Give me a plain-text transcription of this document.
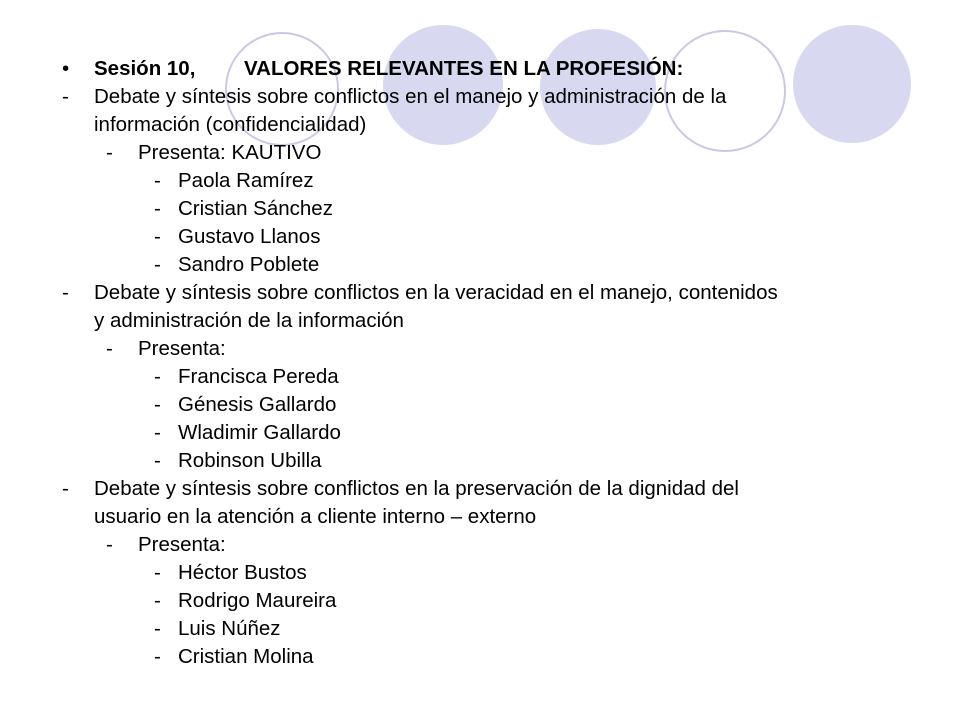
• Sesión 10, VALORES RELEVANTES EN LA PROFESIÓN:
- Debate y síntesis sobre conflictos en el manejo y administración de la
información (confidencialidad)
- Presenta: KAUTIVO
- Paola Ramírez
- Cristian Sánchez
- Gustavo Llanos
- Sandro Poblete
- Debate y síntesis sobre conflictos en la veracidad en el manejo, contenidos
y administración de la información
- Presenta:
- Francisca Pereda
- Génesis Gallardo
- Wladimir Gallardo
- Robinson Ubilla
- Debate y síntesis sobre conflictos en la preservación de la dignidad del
usuario en la atención a cliente interno – externo
- Presenta:
- Héctor Bustos
- Rodrigo Maureira
- Luis Núñez
- Cristian Molina
